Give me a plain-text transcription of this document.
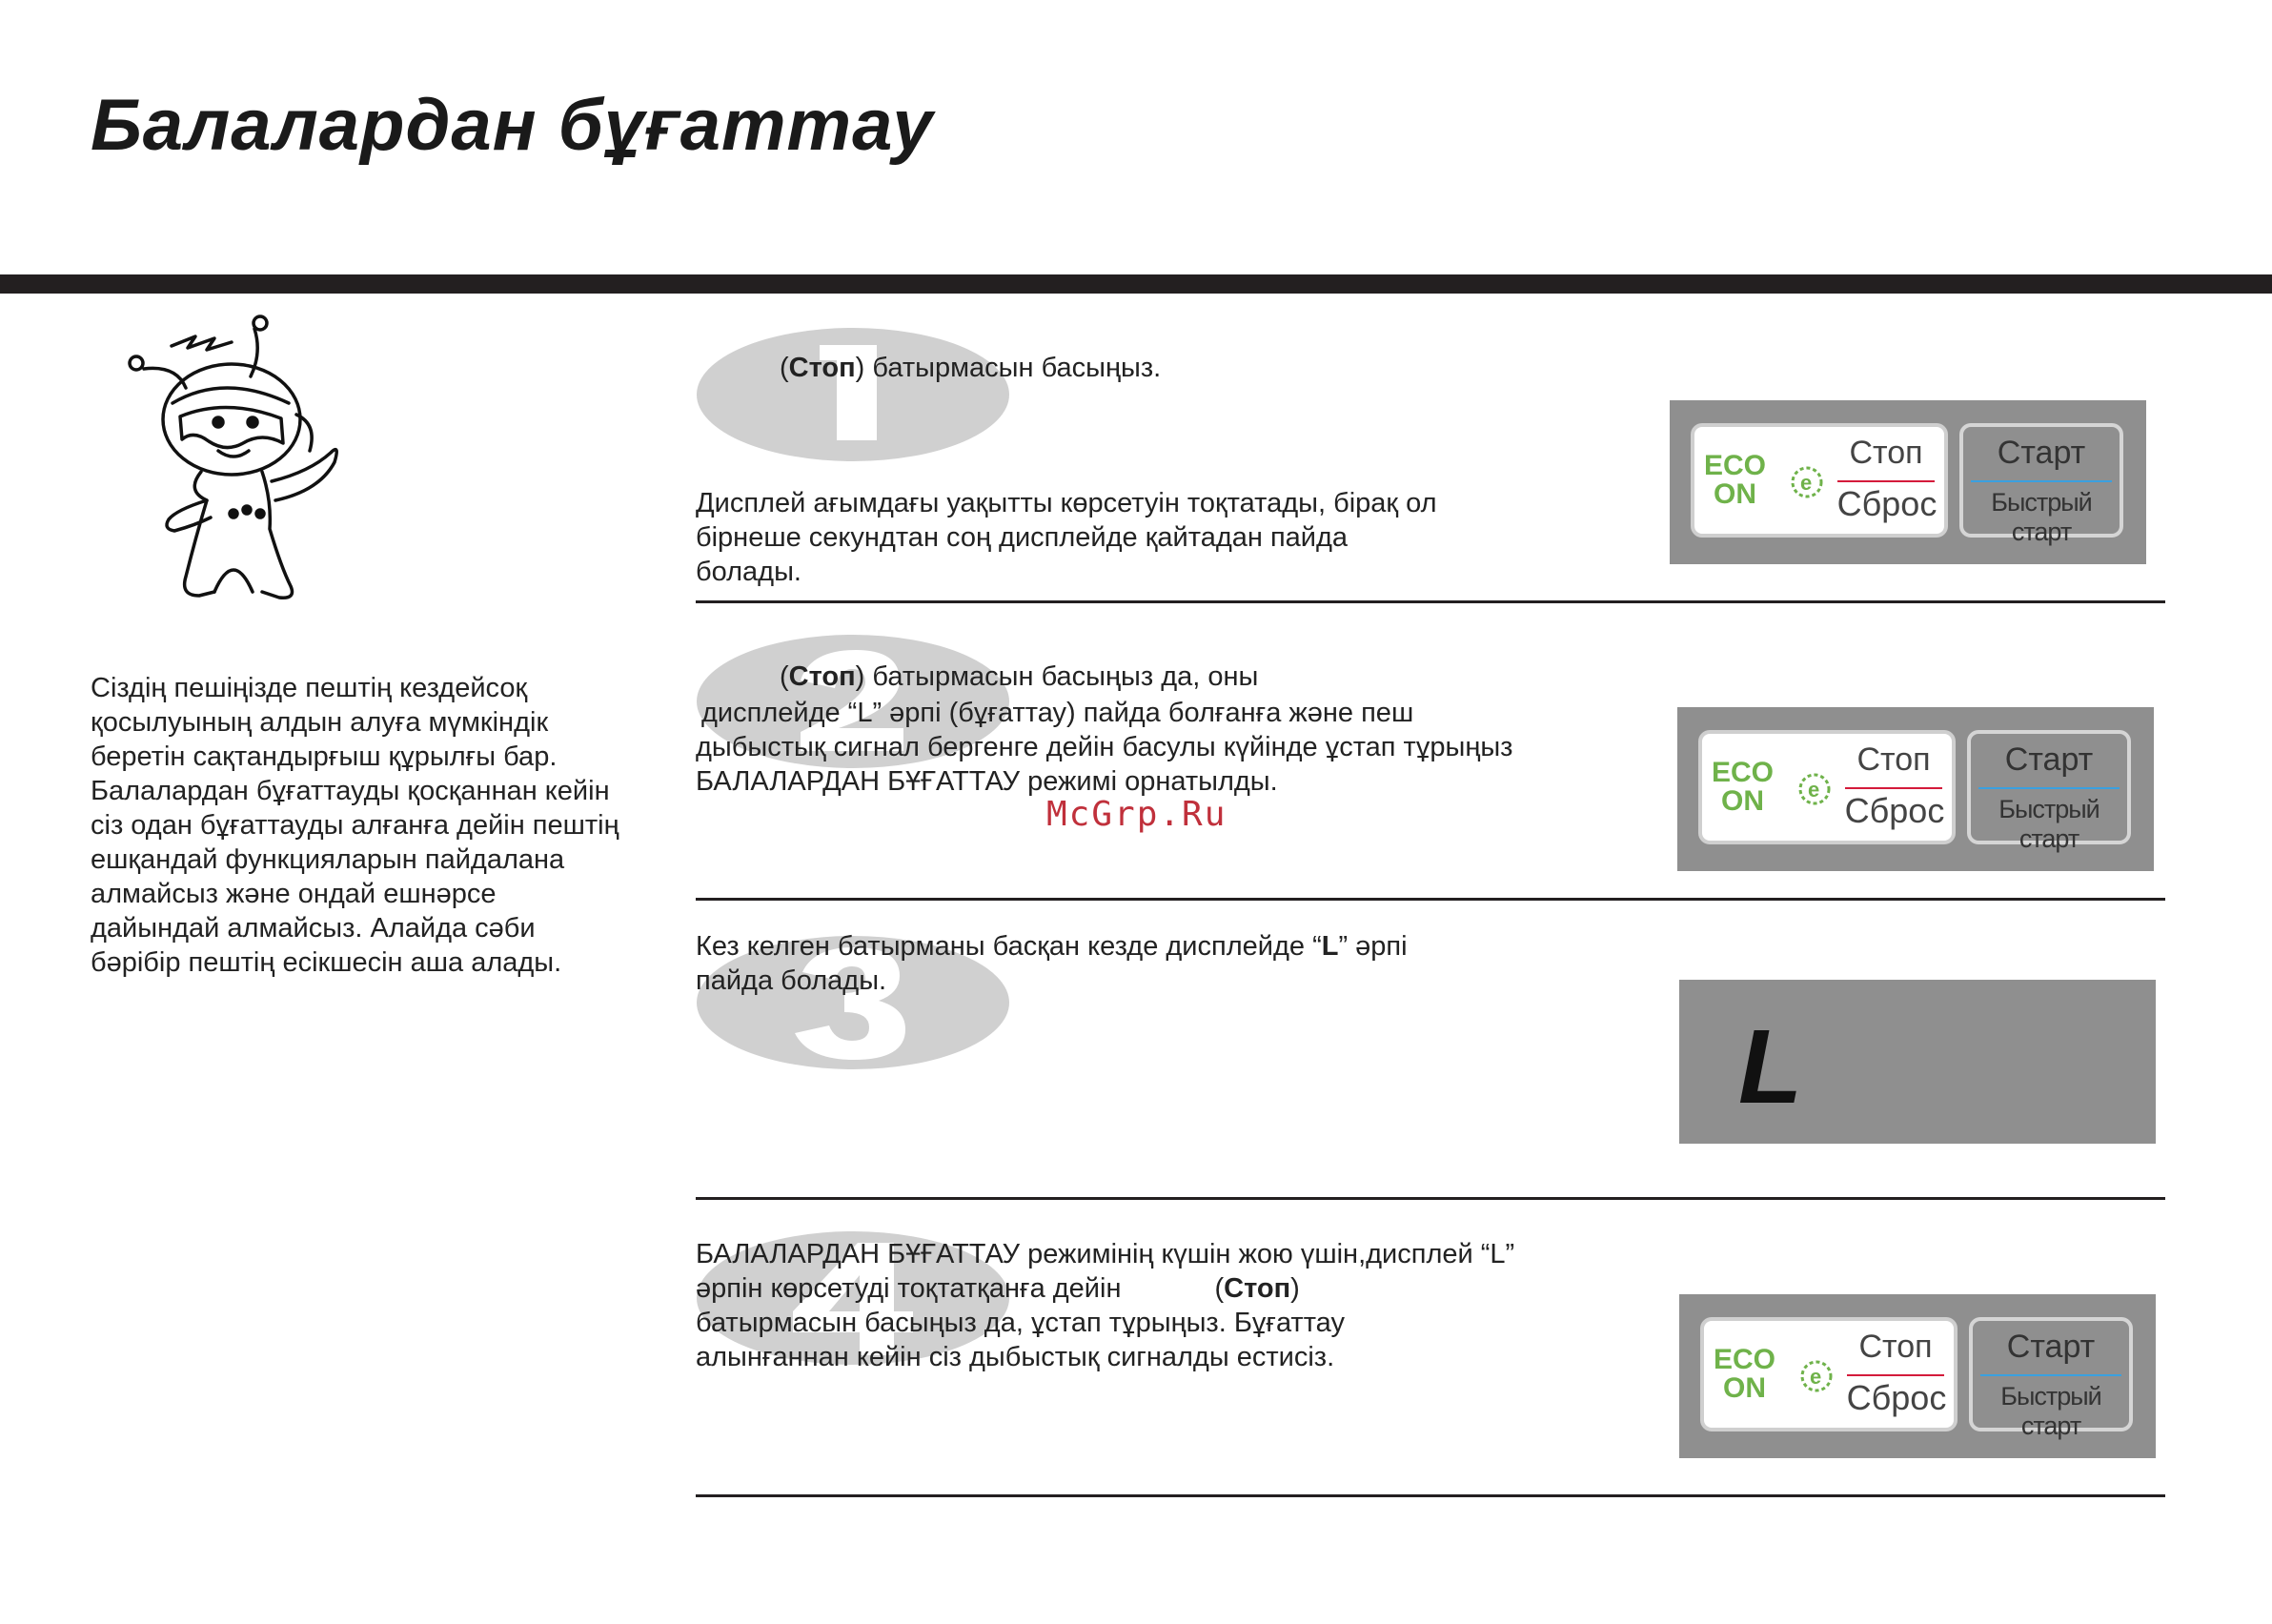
Балалардан бұғаттау
Сіздің пешіңізде пештің кездейсоқ қосылуының алдын алуға мүмкіндік беретін сақтандырғыш құрылғы бар. Балалардан бұғаттауды қосқаннан кейін сіз одан бұғаттауды алғанға дейін пештің ешқандай функцияларын пайдалана алмайсыз және ондай ешнәрсе дайындай алмайсыз. Алайда сәби бәрібір пештің есікшесін аша алады.
(Стоп) батырмасын басыңыз.
Дисплей ағымдағы уақытты көрсетуін тоқтатады, бірақ ол
бірнеше секундтан соң дисплейде қайтадан пайда
болады.
ECO
ON	e
Стоп
Сброс
Старт
Быстрый старт
(Стоп) батырмасын басыңыз да, оны
дисплейде “L” әрпі (бұғаттау) пайда болғанға және пеш
дыбыстық сигнал бергенге дейін басулы күйінде ұстап тұрыңыз
БАЛАЛАРДАН БҰҒАТТАУ режимі орнатылды.
McGrp.Ru
ECO
ON	e
Стоп
Сброс
Старт
Быстрый старт
Кез келген батырманы басқан кезде дисплейде “L” әрпі
пайда болады.
L
БАЛАЛАРДАН БҰҒАТТАУ режимінің күшін жою үшін,дисплей “L”
әрпін көрсетуді тоқтатқанға дейін	(Стоп)
батырмасын басыңыз да, ұстап тұрыңыз. Бұғаттау
алынғаннан кейін сіз дыбыстық сигналды естисіз.	ECO
ON	e
Стоп
Сброс
Старт
Быстрый старт
